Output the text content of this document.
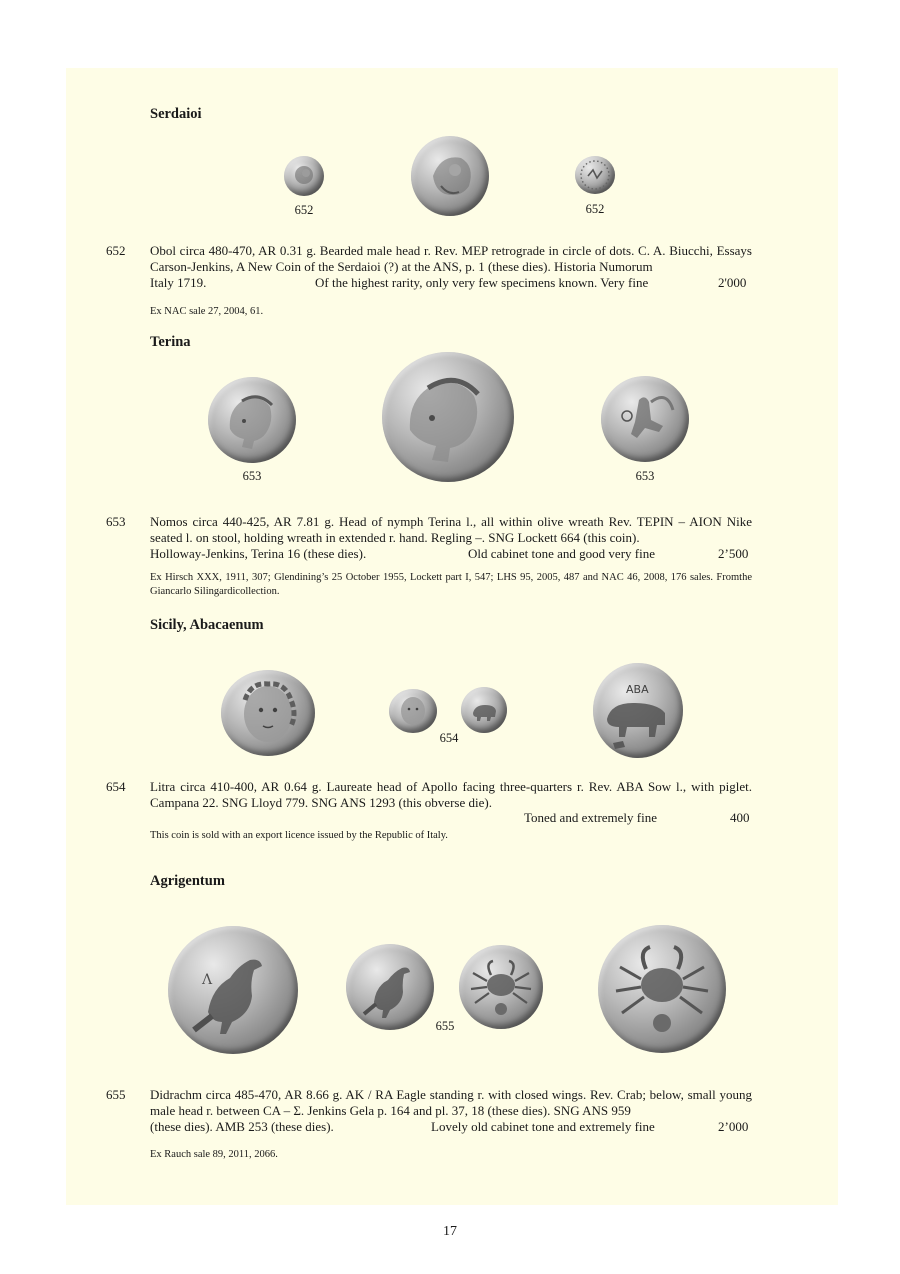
Serdaioi
652	652
652 Obol circa 480-470, AR 0.31 g. Bearded male head r. Rev. MEP retrograde in circle of dots. C. A. Biucchi, Essays Carson-Jenkins, A New Coin of the Serdaioi (?) at the ANS, p. 1 (these dies). Historia Numorum
Italy 1719.	Of the highest rarity, only very few specimens known. Very fine	2'000
Ex NAC sale 27, 2004, 61.
Terina
653	653
653 Nomos circa 440-425, AR 7.81 g. Head of nymph Terina l., all within olive wreath Rev. TEPIN – AION Nike seated l. on stool, holding wreath in extended r. hand. Regling –. SNG Lockett 664 (this coin).
Holloway-Jenkins, Terina 16 (these dies).	Old cabinet tone and good very fine	2’500
Ex Hirsch XXX, 1911, 307; Glendining’s 25 October 1955, Lockett part I, 547; LHS 95, 2005, 487 and NAC 46, 2008, 176 sales. Fromthe Giancarlo Silingardicollection.
Sicily, Abacaenum
ABA
654
654 Litra circa 410-400, AR 0.64 g. Laureate head of Apollo facing three-quarters r. Rev. ABA Sow l., with piglet. Campana 22. SNG Lloyd 779. SNG ANS 1293 (this obverse die).
Toned and extremely fine	400
This coin is sold with an export licence issued by the Republic of Italy.
Agrigentum
Λ
655
655 Didrachm circa 485-470, AR 8.66 g. AK / RA Eagle standing r. with closed wings. Rev. Crab; below, small young male head r. between CA – Σ. Jenkins Gela p. 164 and pl. 37, 18 (these dies). SNG ANS 959
(these dies). AMB 253 (these dies).	Lovely old cabinet tone and extremely fine	2’000
Ex Rauch sale 89, 2011, 2066.
17
